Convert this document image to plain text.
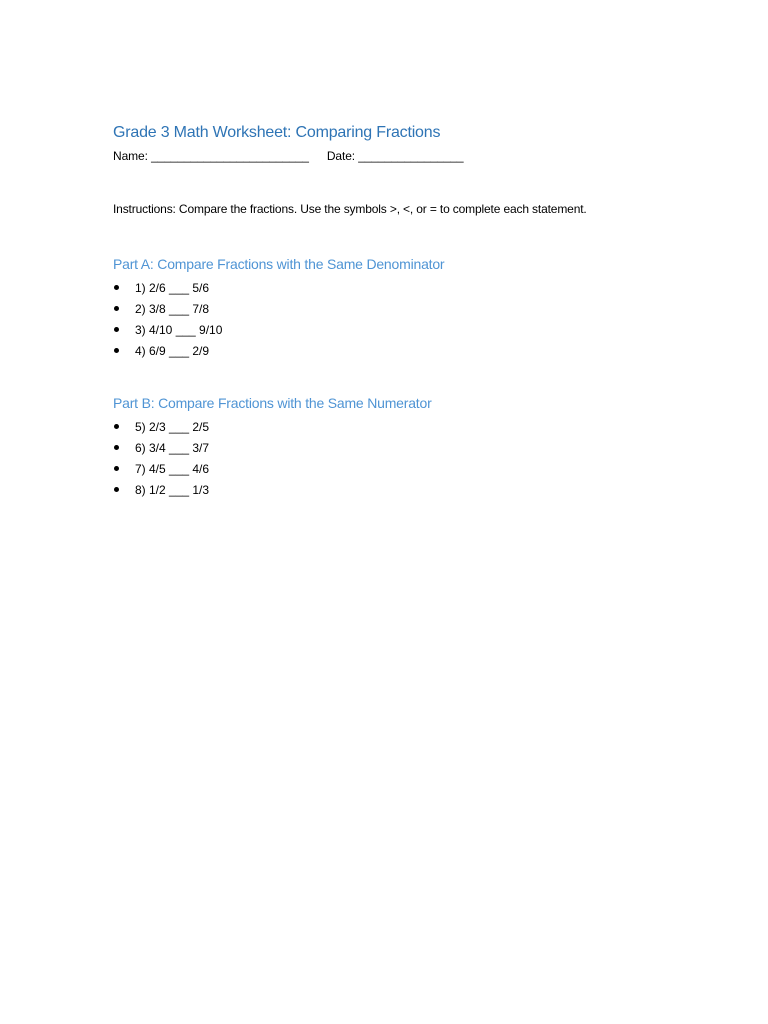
Grade 3 Math Worksheet: Comparing Fractions
Name: ________________________ Date: ________________
Instructions: Compare the fractions. Use the symbols >, <, or = to complete each statement.
Part A: Compare Fractions with the Same Denominator
1) 2/6 ___ 5/6
2) 3/8 ___ 7/8
3) 4/10 ___ 9/10
4) 6/9 ___ 2/9
Part B: Compare Fractions with the Same Numerator
5) 2/3 ___ 2/5
6) 3/4 ___ 3/7
7) 4/5 ___ 4/6
8) 1/2 ___ 1/3
